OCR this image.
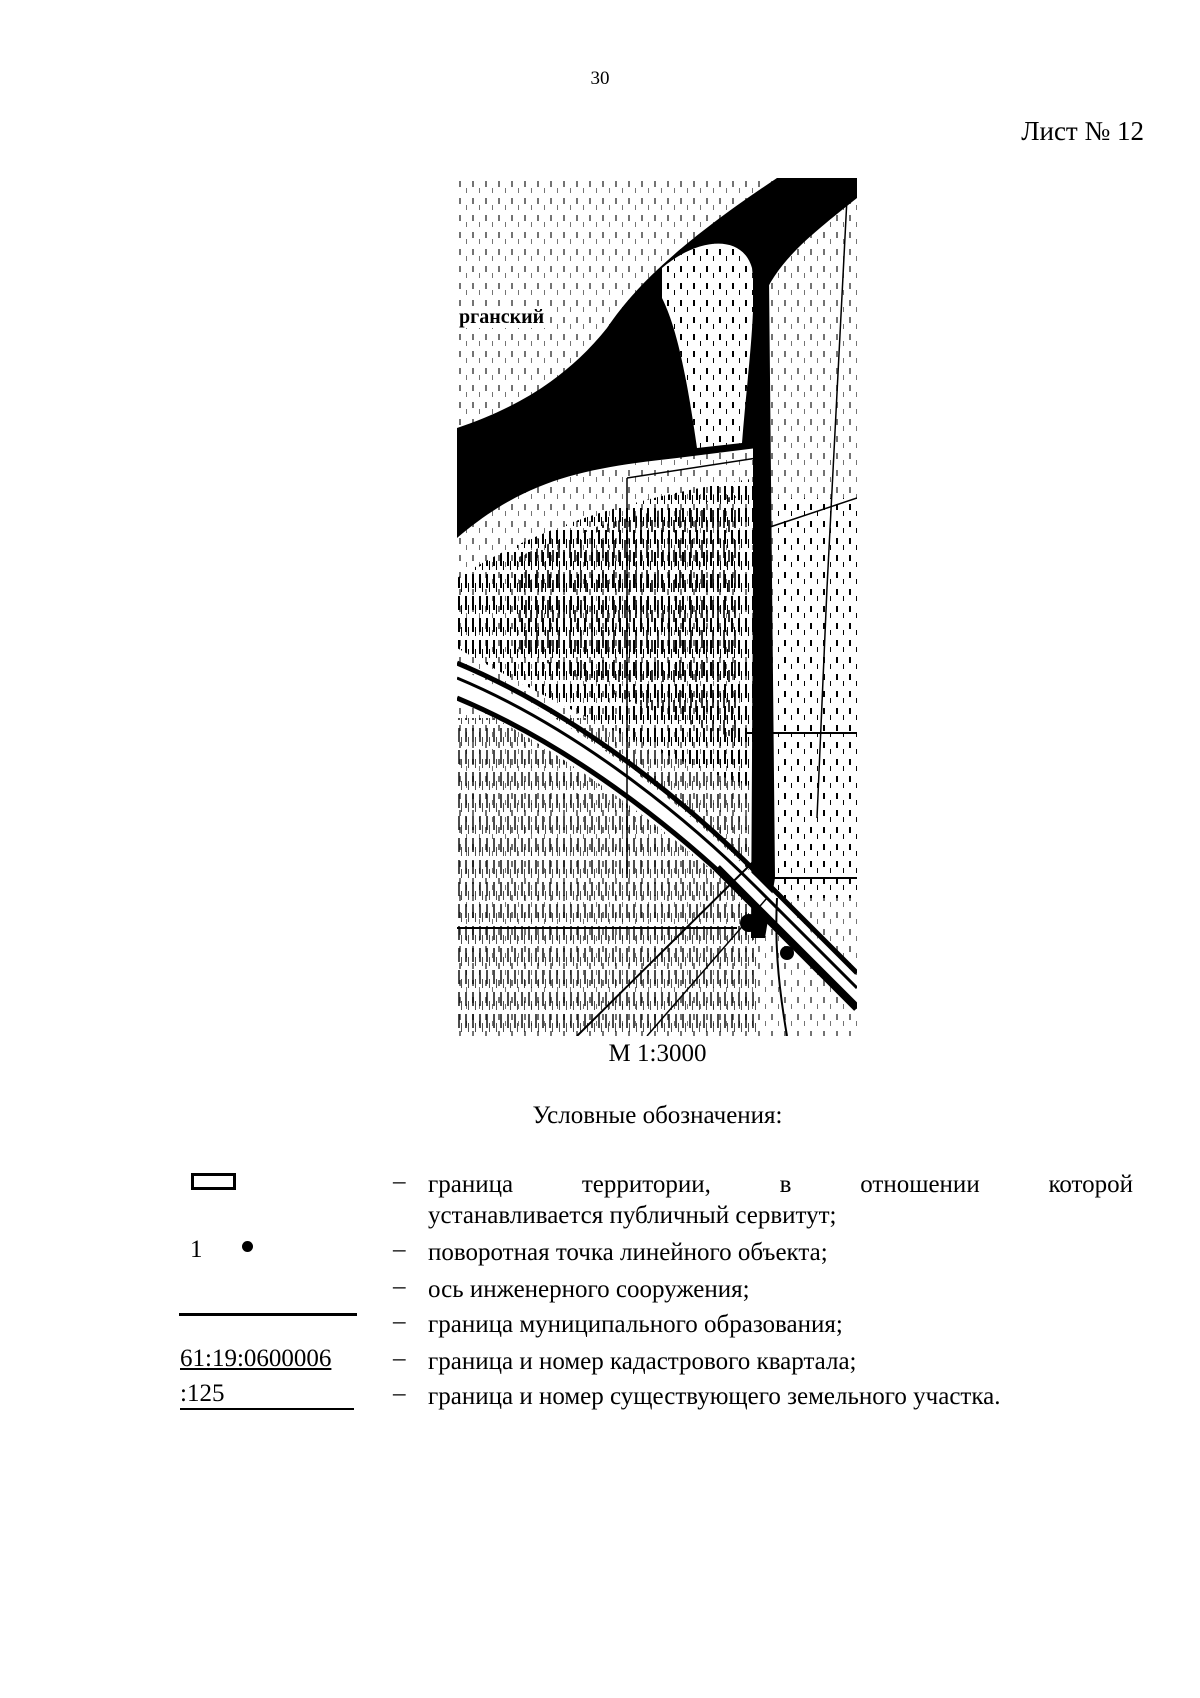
30
Лист № 12
рганский
М 1:3000
Условные обозначения:
– граница территории, в отношении которой
устанавливается публичный сервитут;
1	– поворотная точка линейного объекта;
– ось инженерного сооружения;
– граница муниципального образования;
61:19:0600006 – граница и номер кадастрового квартала;
:125	– граница и номер существующего земельного участка.
